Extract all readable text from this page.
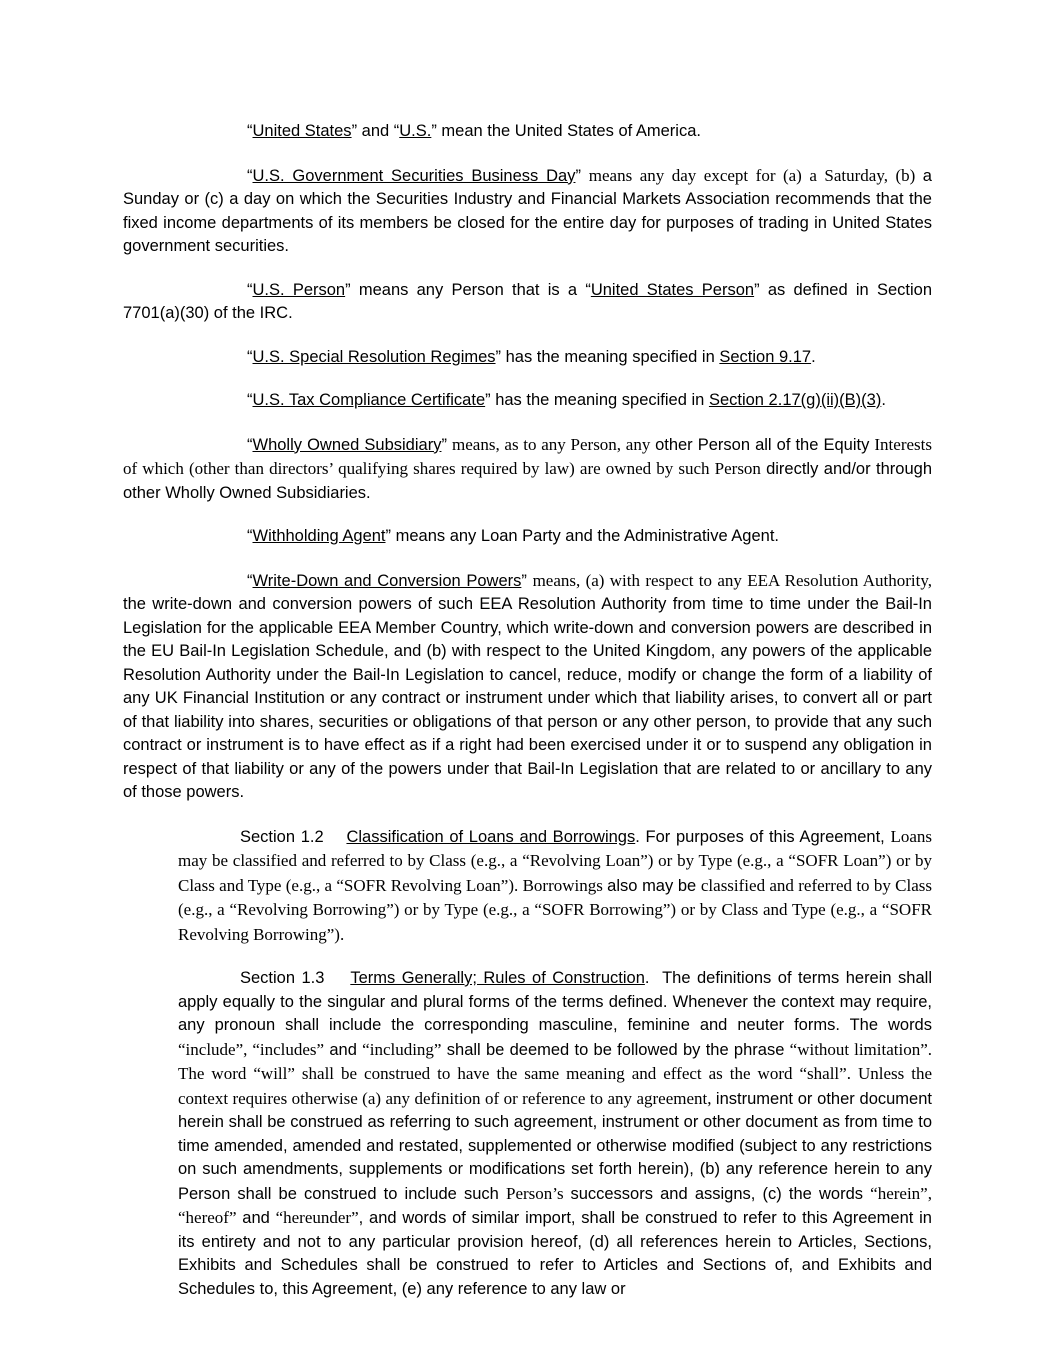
“United States” and “U.S.” mean the United States of America.

“U.S. Government Securities Business Day” means any day except for (a) a Saturday, (b) a Sunday or (c) a day on which the Securities Industry and Financial Markets Association recommends that the fixed income departments of its members be closed for the entire day for purposes of trading in United States government securities.

“U.S. Person” means any Person that is a “United States Person” as defined in Section 7701(a)(30) of the IRC.

“U.S. Special Resolution Regimes” has the meaning specified in Section 9.17.

“U.S. Tax Compliance Certificate” has the meaning specified in Section 2.17(g)(ii)(B)(3).

“Wholly Owned Subsidiary” means, as to any Person, any other Person all of the Equity Interests of which (other than directors’ qualifying shares required by law) are owned by such Person directly and/or through other Wholly Owned Subsidiaries.

“Withholding Agent” means any Loan Party and the Administrative Agent.

“Write-Down and Conversion Powers” means, (a) with respect to any EEA Resolution Authority, the write-down and conversion powers of such EEA Resolution Authority from time to time under the Bail-In Legislation for the applicable EEA Member Country, which write-down and conversion powers are described in the EU Bail-In Legislation Schedule, and (b) with respect to the United Kingdom, any powers of the applicable Resolution Authority under the Bail-In Legislation to cancel, reduce, modify or change the form of a liability of any UK Financial Institution or any contract or instrument under which that liability arises, to convert all or part of that liability into shares, securities or obligations of that person or any other person, to provide that any such contract or instrument is to have effect as if a right had been exercised under it or to suspend any obligation in respect of that liability or any of the powers under that Bail-In Legislation that are related to or ancillary to any of those powers.

Section 1.2    Classification of Loans and Borrowings. For purposes of this Agreement, Loans may be classified and referred to by Class (e.g., a “Revolving Loan”) or by Type (e.g., a “SOFR Loan”) or by Class and Type (e.g., a “SOFR Revolving Loan”). Borrowings also may be classified and referred to by Class (e.g., a “Revolving Borrowing”) or by Type (e.g., a “SOFR Borrowing”) or by Class and Type (e.g., a “SOFR Revolving Borrowing”).

Section 1.3    Terms Generally; Rules of Construction.  The definitions of terms herein shall apply equally to the singular and plural forms of the terms defined. Whenever the context may require, any pronoun shall include the corresponding masculine, feminine and neuter forms. The words “include”, “includes” and “including” shall be deemed to be followed by the phrase “without limitation”. The word “will” shall be construed to have the same meaning and effect as the word “shall”. Unless the context requires otherwise (a) any definition of or reference to any agreement, instrument or other document herein shall be construed as referring to such agreement, instrument or other document as from time to time amended, amended and restated, supplemented or otherwise modified (subject to any restrictions on such amendments, supplements or modifications set forth herein), (b) any reference herein to any Person shall be construed to include such Person’s successors and assigns, (c) the words “herein”, “hereof” and “hereunder”, and words of similar import, shall be construed to refer to this Agreement in its entirety and not to any particular provision hereof, (d) all references herein to Articles, Sections, Exhibits and Schedules shall be construed to refer to Articles and Sections of, and Exhibits and Schedules to, this Agreement, (e) any reference to any law or
